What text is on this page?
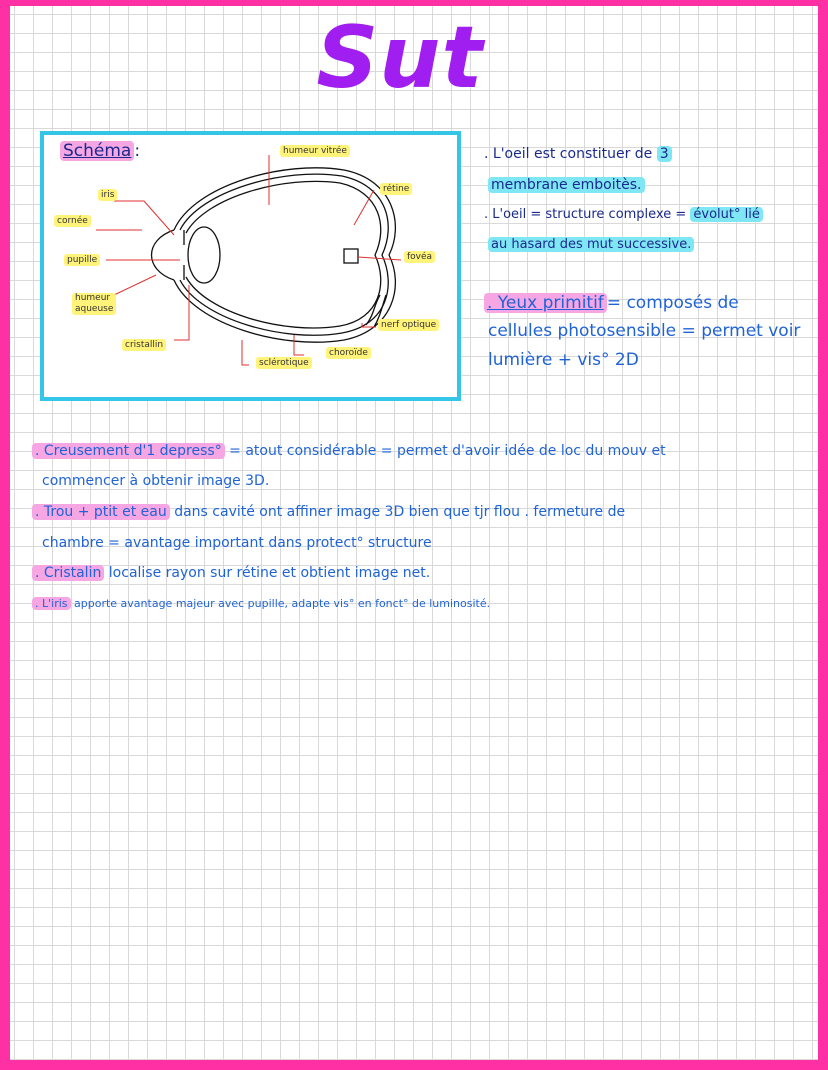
Sut
Schéma :
iris
cornée
pupille
humeur
aqueuse
cristallin
humeur vitrée
rétine
fovéa
nerf optique
choroïde
sclérotique
. L'oeil est constituer de 3
membrane emboitès.
. L'oeil = structure complexe = évolut° lié
au hasard des mut successive.
. Yeux primitif = composés de
cellules photosensible = permet voir
lumière + vis° 2D
. Creusement d'1 depress° = atout considérable = permet d'avoir idée de loc du mouv et
commencer à obtenir image 3D.
. Trou + ptit et eau dans cavité ont affiner image 3D bien que tjr flou . fermeture de
chambre = avantage important dans protect° structure
. Cristalin localise rayon sur rétine et obtient image net.
. L'iris apporte avantage majeur avec pupille, adapte vis° en fonct° de luminosité.
